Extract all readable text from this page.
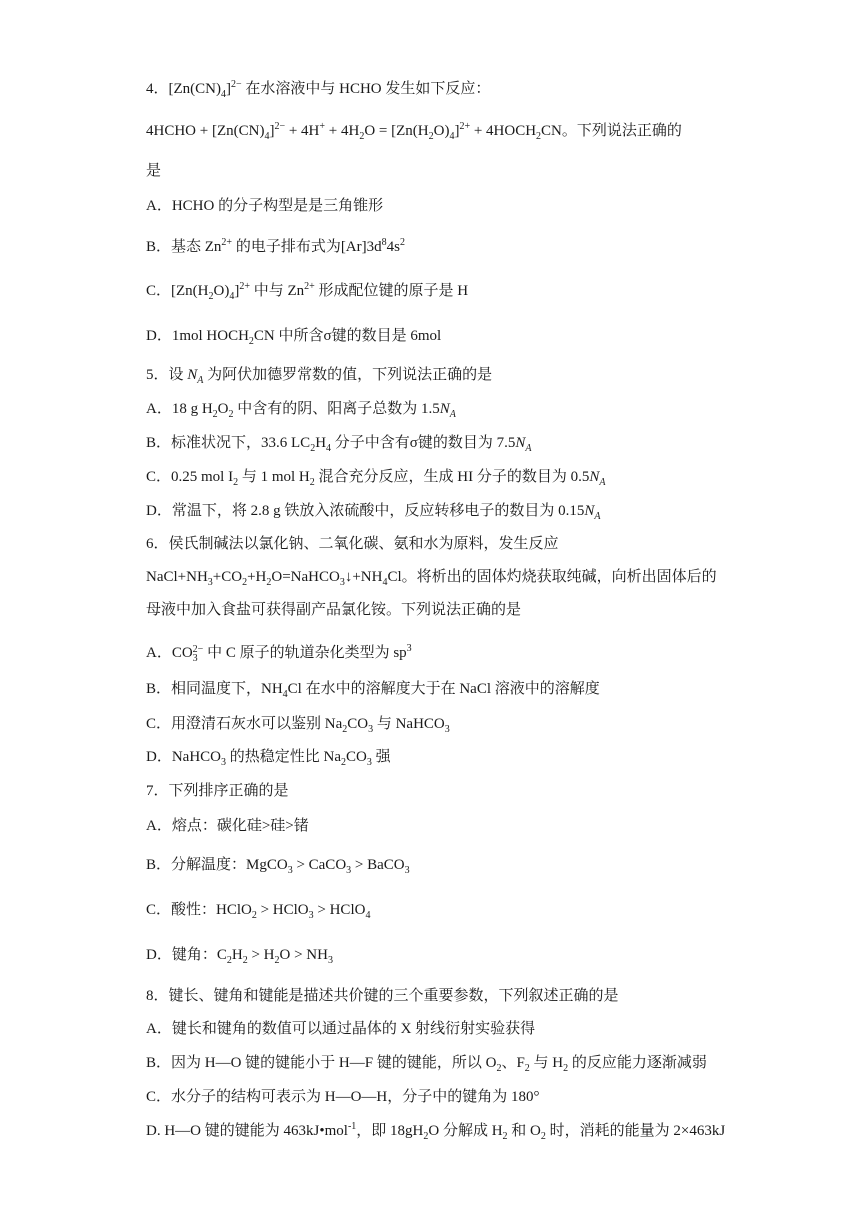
4．$[Zn(CN)_4]^{2-}$ 在水溶液中与 HCHO 发生如下反应：
4HCHO + $[Zn(CN)_4]^{2-} + 4H^+ + 4H_2O = [Zn(H_2O)_4]^{2+}$ + $4HOCH_2CN$。下列说法正确的
是
A．HCHO 的分子构型是是三角锥形
B．基态 $Zn^{2+}$ 的电子排布式为$[Ar]3d^84s^2$
C．$[Zn(H_2O)_4]^{2+}$ 中与 $Zn^{2+}$ 形成配位键的原子是 H
D．1mol $HOCH_2CN$ 中所含σ键的数目是 6mol
5．设 $N_A$ 为阿伏加德罗常数的值，下列说法正确的是
A．18 g $H_2O_2$ 中含有的阴、阳离子总数为 $1.5N_A$
B．标准状况下，33.6 $LC_2H_4$ 分子中含有σ键的数目为 $7.5N_A$
C．0.25 mol $I_2$ 与 1 mol $H_2$ 混合充分反应，生成 HI 分子的数目为 $0.5N_A$
D．常温下，将 2.8 g 铁放入浓硫酸中，反应转移电子的数目为 $0.15N_A$
6．侯氏制碱法以氯化钠、二氧化碳、氨和水为原料，发生反应
$NaCl+NH_3+CO_2+H_2O=NaHCO_3↓+NH_4Cl$。将析出的固体灼烧获取纯碱，向析出固体后的
母液中加入食盐可获得副产品氯化铵。下列说法正确的是
A．CO 2−
3 中 C 原子的轨道杂化类型为 $sp^3$
B．相同温度下，$NH_4Cl$ 在水中的溶解度大于在 NaCl 溶液中的溶解度
C．用澄清石灰水可以鉴别 $Na_2CO_3$ 与 NaHCO$_3$
D．NaHCO$_3$ 的热稳定性比 $Na_2CO_3$ 强
7．下列排序正确的是
A．熔点：碳化硅>硅>锗
B．分解温度：MgCO$_3$ > CaCO$_3$ > BaCO$_3$
C．酸性：HClO$_2$ > HClO$_3$ > HClO$_4$
D．键角：$C_2H_2 > H_2O > NH_3$
8．键长、键角和键能是描述共价键的三个重要参数，下列叙述正确的是
A．键长和键角的数值可以通过晶体的 X 射线衍射实验获得
B．因为 H—O 键的键能小于 H—F 键的键能，所以 $O_2$、$F_2$ 与 $H_2$ 的反应能力逐渐减弱
C．水分子的结构可表示为 H—O—H，分子中的键角为 180°
D. H—O 键的键能为 463kJ•mol$^{-1}$，即 $18gH_2O$ 分解成 $H_2$ 和 $O_2$ 时，消耗的能量为 2×463kJ
